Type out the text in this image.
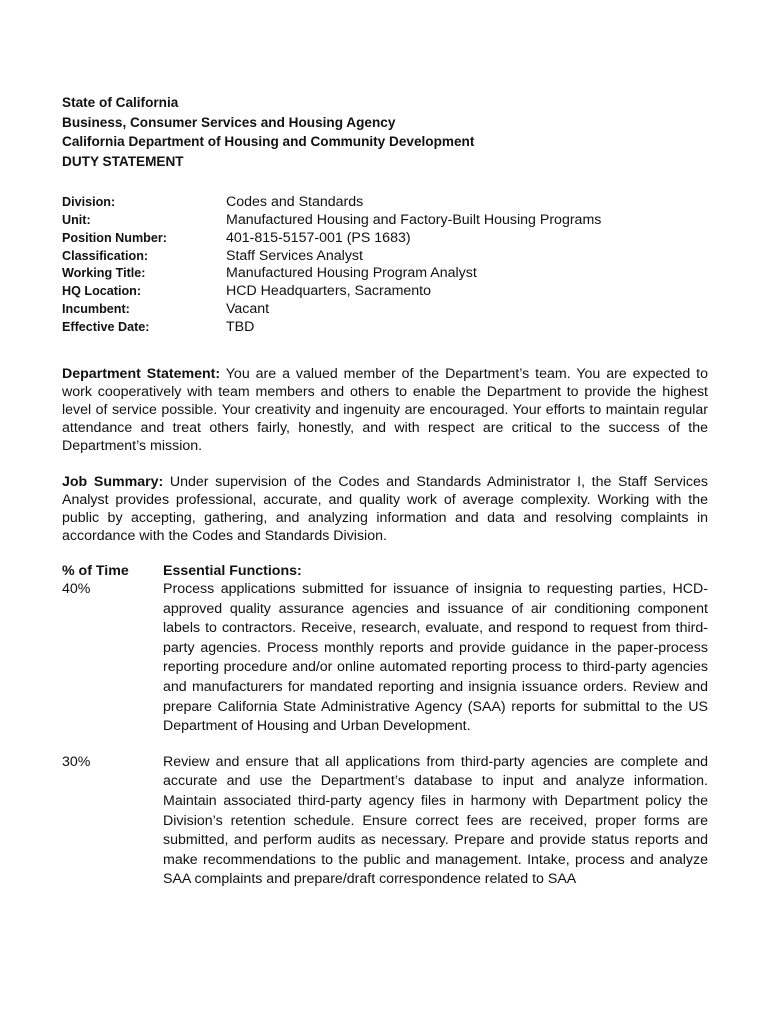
State of California
Business, Consumer Services and Housing Agency
California Department of Housing and Community Development
DUTY STATEMENT
Division:	Codes and Standards
Unit:	Manufactured Housing and Factory-Built Housing Programs
Position Number:	401-815-5157-001 (PS 1683)
Classification:	Staff Services Analyst
Working Title:	Manufactured Housing Program Analyst
HQ Location:	HCD Headquarters, Sacramento
Incumbent:	Vacant
Effective Date:	TBD

Department Statement: You are a valued member of the Department’s team. You are expected to work cooperatively with team members and others to enable the Department to provide the highest level of service possible. Your creativity and ingenuity are encouraged. Your efforts to maintain regular attendance and treat others fairly, honestly, and with respect are critical to the success of the Department’s mission.

Job Summary: Under supervision of the Codes and Standards Administrator I, the Staff Services Analyst provides professional, accurate, and quality work of average complexity. Working with the public by accepting, gathering, and analyzing information and data and resolving complaints in accordance with the Codes and Standards Division.

% of Time	Essential Functions:
40%	Process applications submitted for issuance of insignia to requesting parties, HCD-approved quality assurance agencies and issuance of air conditioning component labels to contractors. Receive, research, evaluate, and respond to request from third-party agencies. Process monthly reports and provide guidance in the paper-process reporting procedure and/or online automated reporting process to third-party agencies and manufacturers for mandated reporting and insignia issuance orders. Review and prepare California State Administrative Agency (SAA) reports for submittal to the US Department of Housing and Urban Development.
30%	Review and ensure that all applications from third-party agencies are complete and accurate and use the Department’s database to input and analyze information. Maintain associated third-party agency files in harmony with Department policy the Division’s retention schedule. Ensure correct fees are received, proper forms are submitted, and perform audits as necessary. Prepare and provide status reports and make recommendations to the public and management. Intake, process and analyze SAA complaints and prepare/draft correspondence related to SAA
